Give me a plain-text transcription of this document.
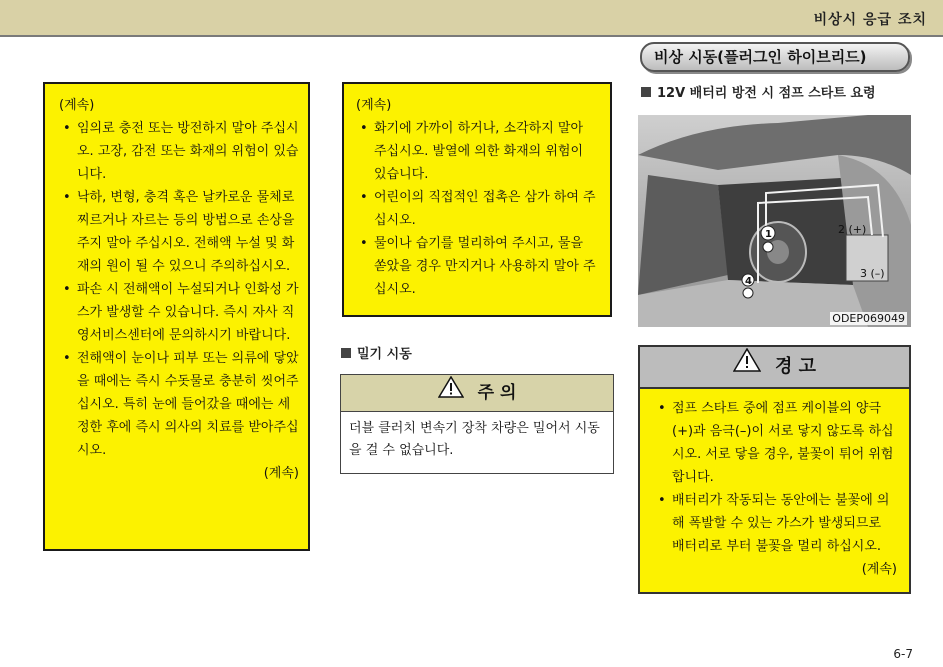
비상시 응급 조치
비상 시동(플러그인 하이브리드)
(계속)
• 임의로 충전 또는 방전하지 말아 주십시오. 고장, 감전 또는 화재의 위험이 있습니다.
• 낙하, 변형, 충격 혹은 날카로운 물체로 찌르거나 자르는 등의 방법으로 손상을 주지 말아 주십시오. 전해액 누설 및 화재의 원이 될 수 있으니 주의하십시오.
• 파손 시 전해액이 누설되거나 인화성 가스가 발생할 수 있습니다. 즉시 자사 직영서비스센터에 문의하시기 바랍니다.
• 전해액이 눈이나 피부 또는 의류에 닿았을 때에는 즉시 수돗물로 충분히 씻어주십시오. 특히 눈에 들어갔을 때에는 세정한 후에 즉시 의사의 치료를 받아주십시오.
(계속)
(계속)
• 화기에 가까이 하거나, 소각하지 말아 주십시오. 발열에 의한 화재의 위험이 있습니다.
• 어린이의 직접적인 접촉은 삼가 하여 주십시오.
• 물이나 습기를 멀리하여 주시고, 물을 쏟았을 경우 만지거나 사용하지 말아 주십시오.
밀기 시동
주 의
더블 클러치 변속기 장착 차량은 밀어서 시동을 걸 수 없습니다.
12V 배터리 방전 시 점프 스타트 요령
1	2 (+)
3 (–)
4
ODEP069049
경 고
• 점프 스타트 중에 점프 케이블의 양극(+)과 음극(–)이 서로 닿지 않도록 하십시오. 서로 닿을 경우, 불꽃이 튀어 위험합니다.
• 배터리가 작동되는 동안에는 불꽃에 의해 폭발할 수 있는 가스가 발생되므로 배터리로 부터 불꽃을 멀리 하십시오.
(계속)
6-7
